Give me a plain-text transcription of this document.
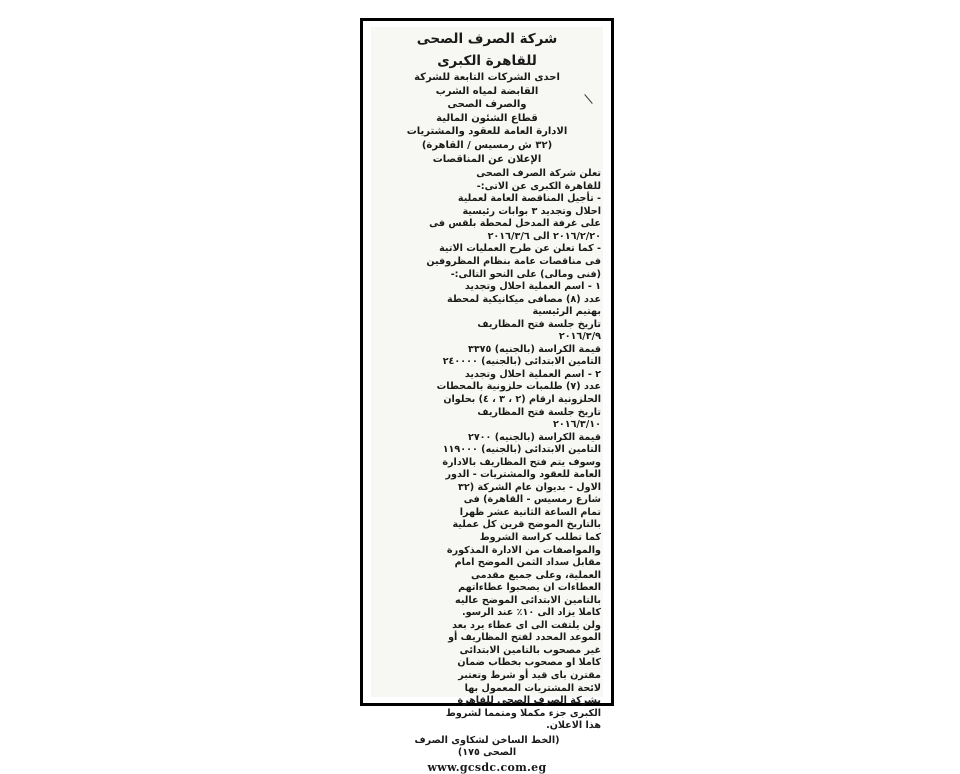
شركة الصرف الصحى
للقاهرة الكبرى
احدى الشركات التابعة للشركة
القابضة لمياه الشرب
والصرف الصحى
قطاع الشئون المالية
الادارة العامة للعقود والمشتريات
(٣٢ ش رمسيس / القاهرة)
الإعلان عن المناقصات
تعلن شركة الصرف الصحى
للقاهرة الكبرى عن الاتى:-
- تأجيل المناقصة العامة لعملية
احلال وتجديد ٣ بوابات رئيسية
على غرفة المدخل لمحطة بلقس فى
٢٠١٦/٢/٢٠ الى ٢٠١٦/٣/٦
- كما تعلن عن طرح العمليات الاتية
فى مناقصات عامة بنظام المظروفين
(فنى ومالى) على النحو التالى:-
١ - اسم العملية احلال وتجديد
عدد (٨) مصافى ميكانيكية لمحطة
بهتيم الرئيسية
تاريخ جلسة فتح المظاريف
٢٠١٦/٣/٩
قيمة الكراسة (بالجنيه) ٣٣٧٥
التامين الابتدائى (بالجنيه) ٢٤٠٠٠٠
٢ - اسم العملية احلال وتجديد
عدد (٧) طلمبات حلزونية بالمحطات
الحلزونية ارقام (٢ ، ٣ ، ٤) بحلوان
تاريخ جلسة فتح المظاريف
٢٠١٦/٣/١٠
قيمة الكراسة (بالجنيه) ٢٧٠٠
التامين الابتدائى (بالجنيه) ١١٩٠٠٠
وسوف يتم فتح المظاريف بالادارة
العامة للعقود والمشتريات - الدور
الاول - بديوان عام الشركة (٣٢
شارع رمسيس - القاهرة) فى
تمام الساعة الثانية عشر ظهرا
بالتاريخ الموضح قرين كل عملية
كما تطلب كراسة الشروط
والمواصفات من الادارة المذكورة
مقابل سداد الثمن الموضح امام
العملية، وعلى جميع مقدمى
العطاءات ان يصحبوا عطاءاتهم
بالتامين الابتدائى الموضح عاليه
كاملا يزاد الى ١٠٪ عند الرسو.
ولن يلتفت الى اى عطاء يرد بعد
الموعد المحدد لفتح المظاريف أو
غير مصحوب بالتامين الابتدائى
كاملا او مصحوب بخطاب ضمان
مقترن باى قيد أو شرط وتعتبر
لائحة المشتريات المعمول بها
بشركة الصرف الصحى للقاهرة
الكبرى جزء مكملا ومتمما لشروط
هذا الاعلان.
(الخط الساخن لشكاوى الصرف
الصحى ١٧٥)
www.gcsdc.com.eg
